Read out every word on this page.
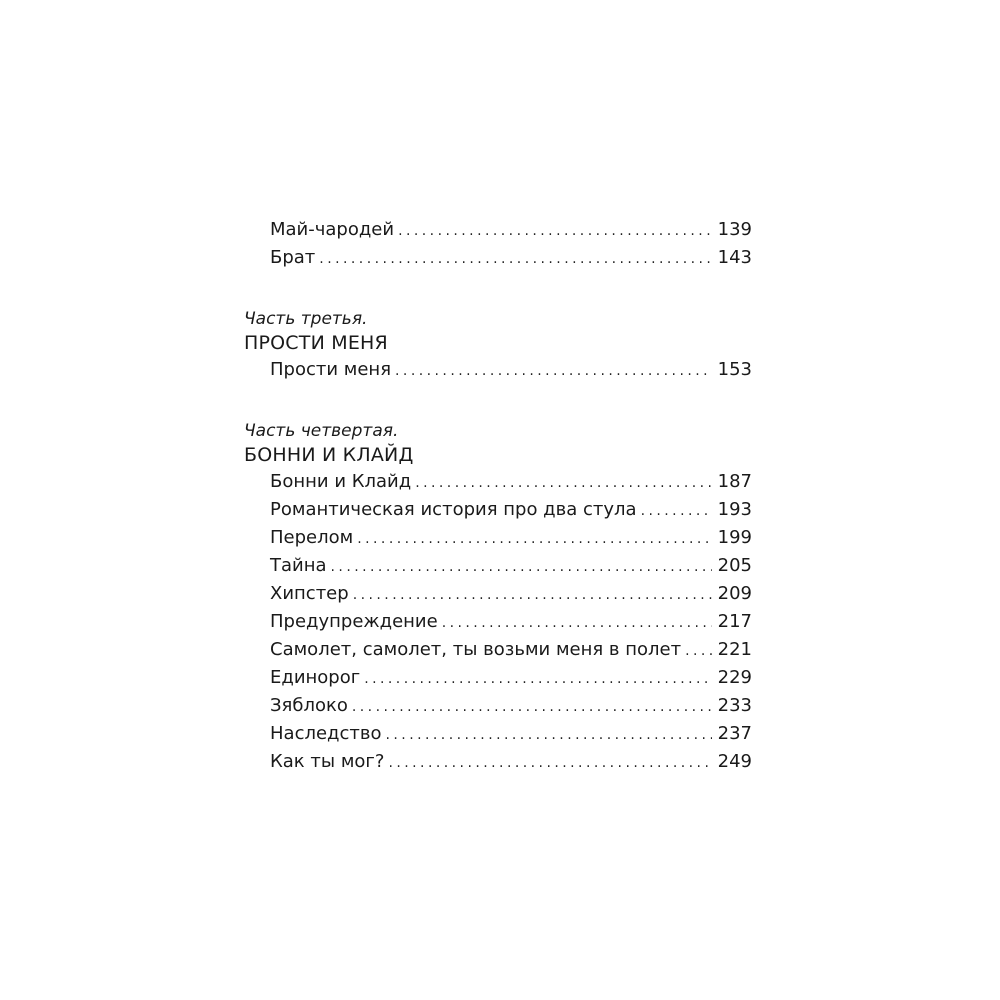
Май-чародей . . .	139
Брат . . .	143
Часть третья.
ПРОСТИ МЕНЯ
Прости меня . . .	153
Часть четвертая.
БОННИ И КЛАЙД
Бонни и Клайд . . .	187
Романтическая история про два стула . . .	193
Перелом . . .	199
Тайна . . .	205
Хипстер . . .	209
Предупреждение . . .	217
Самолет, самолет, ты возьми меня в полет . . . 221
Единорог . . .	229
Зяблоко . . .	233
Наследство . . .	237
Как ты мог? . . .	249
